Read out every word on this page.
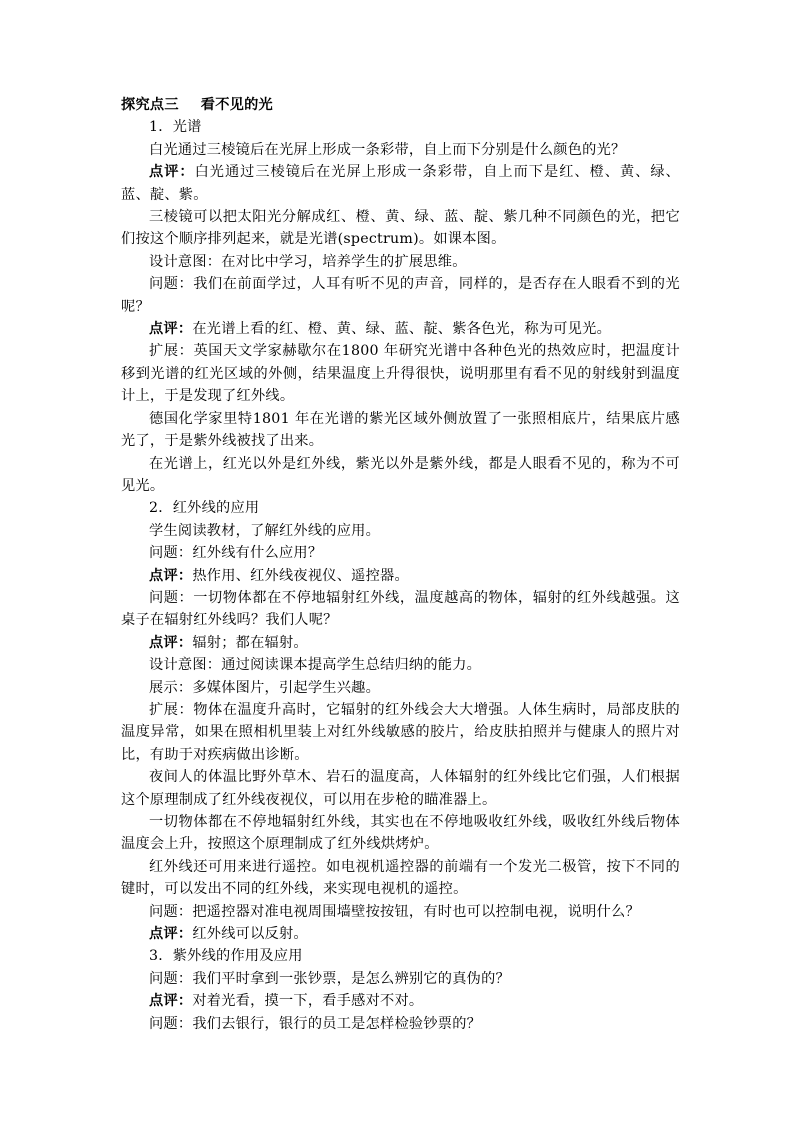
探究点三 看不见的光

1．光谱

白光通过三棱镜后在光屏上形成一条彩带，自上而下分别是什么颜色的光？

点评：白光通过三棱镜后在光屏上形成一条彩带，自上而下是红、橙、黄、绿、蓝、靛、紫。

三棱镜可以把太阳光分解成红、橙、黄、绿、蓝、靛、紫几种不同颜色的光，把它们按这个顺序排列起来，就是光谱(spectrum)。如课本图。

设计意图：在对比中学习，培养学生的扩展思维。

问题：我们在前面学过，人耳有听不见的声音，同样的，是否存在人眼看不到的光呢？

点评：在光谱上看的红、橙、黄、绿、蓝、靛、紫各色光，称为可见光。

扩展：英国天文学家赫歇尔在1800 年研究光谱中各种色光的热效应时，把温度计移到光谱的红光区域的外侧，结果温度上升得很快，说明那里有看不见的射线射到温度计上，于是发现了红外线。

德国化学家里特1801 年在光谱的紫光区域外侧放置了一张照相底片，结果底片感光了，于是紫外线被找了出来。

在光谱上，红光以外是红外线，紫光以外是紫外线，都是人眼看不见的，称为不可见光。

2．红外线的应用

学生阅读教材，了解红外线的应用。

问题：红外线有什么应用？

点评：热作用、红外线夜视仪、遥控器。

问题：一切物体都在不停地辐射红外线，温度越高的物体，辐射的红外线越强。这桌子在辐射红外线吗？我们人呢？

点评：辐射；都在辐射。

设计意图：通过阅读课本提高学生总结归纳的能力。

展示：多媒体图片，引起学生兴趣。

扩展：物体在温度升高时，它辐射的红外线会大大增强。人体生病时，局部皮肤的温度异常，如果在照相机里装上对红外线敏感的胶片，给皮肤拍照并与健康人的照片对比，有助于对疾病做出诊断。

夜间人的体温比野外草木、岩石的温度高，人体辐射的红外线比它们强，人们根据这个原理制成了红外线夜视仪，可以用在步枪的瞄准器上。

一切物体都在不停地辐射红外线，其实也在不停地吸收红外线，吸收红外线后物体温度会上升，按照这个原理制成了红外线烘烤炉。

红外线还可用来进行遥控。如电视机遥控器的前端有一个发光二极管，按下不同的键时，可以发出不同的红外线，来实现电视机的遥控。

问题：把遥控器对准电视周围墙壁按按钮，有时也可以控制电视，说明什么？

点评：红外线可以反射。

3．紫外线的作用及应用

问题：我们平时拿到一张钞票，是怎么辨别它的真伪的？

点评：对着光看，摸一下，看手感对不对。

问题：我们去银行，银行的员工是怎样检验钞票的？
